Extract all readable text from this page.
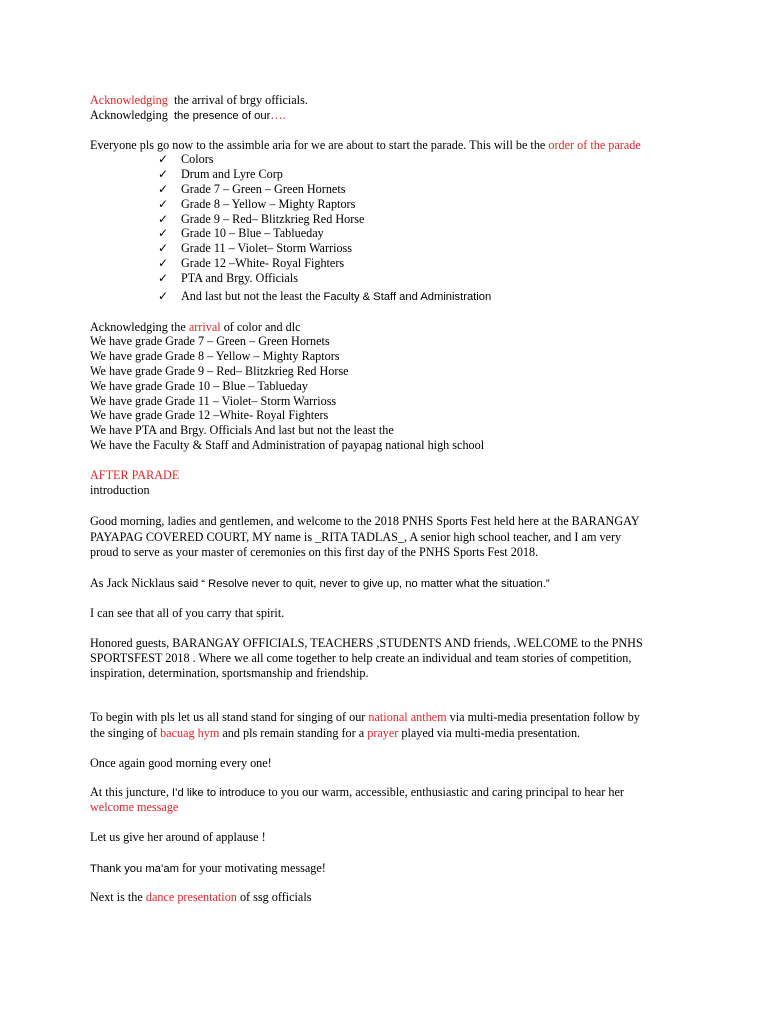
Acknowledging the arrival of brgy officials.
Acknowledging the presence of our….
Everyone pls go now to the assimble aria for we are about to start the parade. This will be the order of the parade
✓ Colors
✓ Drum and Lyre Corp
✓ Grade 7 – Green – Green Hornets
✓ Grade 8 – Yellow – Mighty Raptors
✓ Grade 9 – Red– Blitzkrieg Red Horse
✓ Grade 10 – Blue – Tablueday
✓ Grade 11 – Violet– Storm Warrioss
✓ Grade 12 –White- Royal Fighters
✓ PTA and Brgy. Officials
✓ And last but not the least the Faculty & Staff and Administration
Acknowledging the arrival of color and dlc
We have grade Grade 7 – Green – Green Hornets
We have grade Grade 8 – Yellow – Mighty Raptors
We have grade Grade 9 – Red– Blitzkrieg Red Horse
We have grade Grade 10 – Blue – Tablueday
We have grade Grade 11 – Violet– Storm Warrioss
We have grade Grade 12 –White- Royal Fighters
We have PTA and Brgy. Officials And last but not the least the
We have the Faculty & Staff and Administration of payapag national high school
AFTER PARADE
introduction
Good morning, ladies and gentlemen, and welcome to the 2018 PNHS Sports Fest held here at the BARANGAY
PAYAPAG COVERED COURT, MY name is _RITA TADLAS_, A senior high school teacher, and I am very
proud to serve as your master of ceremonies on this first day of the PNHS Sports Fest 2018.
As Jack Nicklaus said “ Resolve never to quit, never to give up, no matter what the situation.”
I can see that all of you carry that spirit.
Honored guests, BARANGAY OFFICIALS, TEACHERS ,STUDENTS AND friends, .WELCOME to the PNHS
SPORTSFEST 2018 . Where we all come together to help create an individual and team stories of competition,
inspiration, determination, sportsmanship and friendship.
To begin with pls let us all stand stand for singing of our national anthem via multi-media presentation follow by
the singing of bacuag hym and pls remain standing for a prayer played via multi-media presentation.
Once again good morning every one!
At this juncture, I’d like to introduce to you our warm, accessible, enthusiastic and caring principal to hear her
welcome message
Let us give her around of applause !
Thank you ma’am for your motivating message!
Next is the dance presentation of ssg officials
